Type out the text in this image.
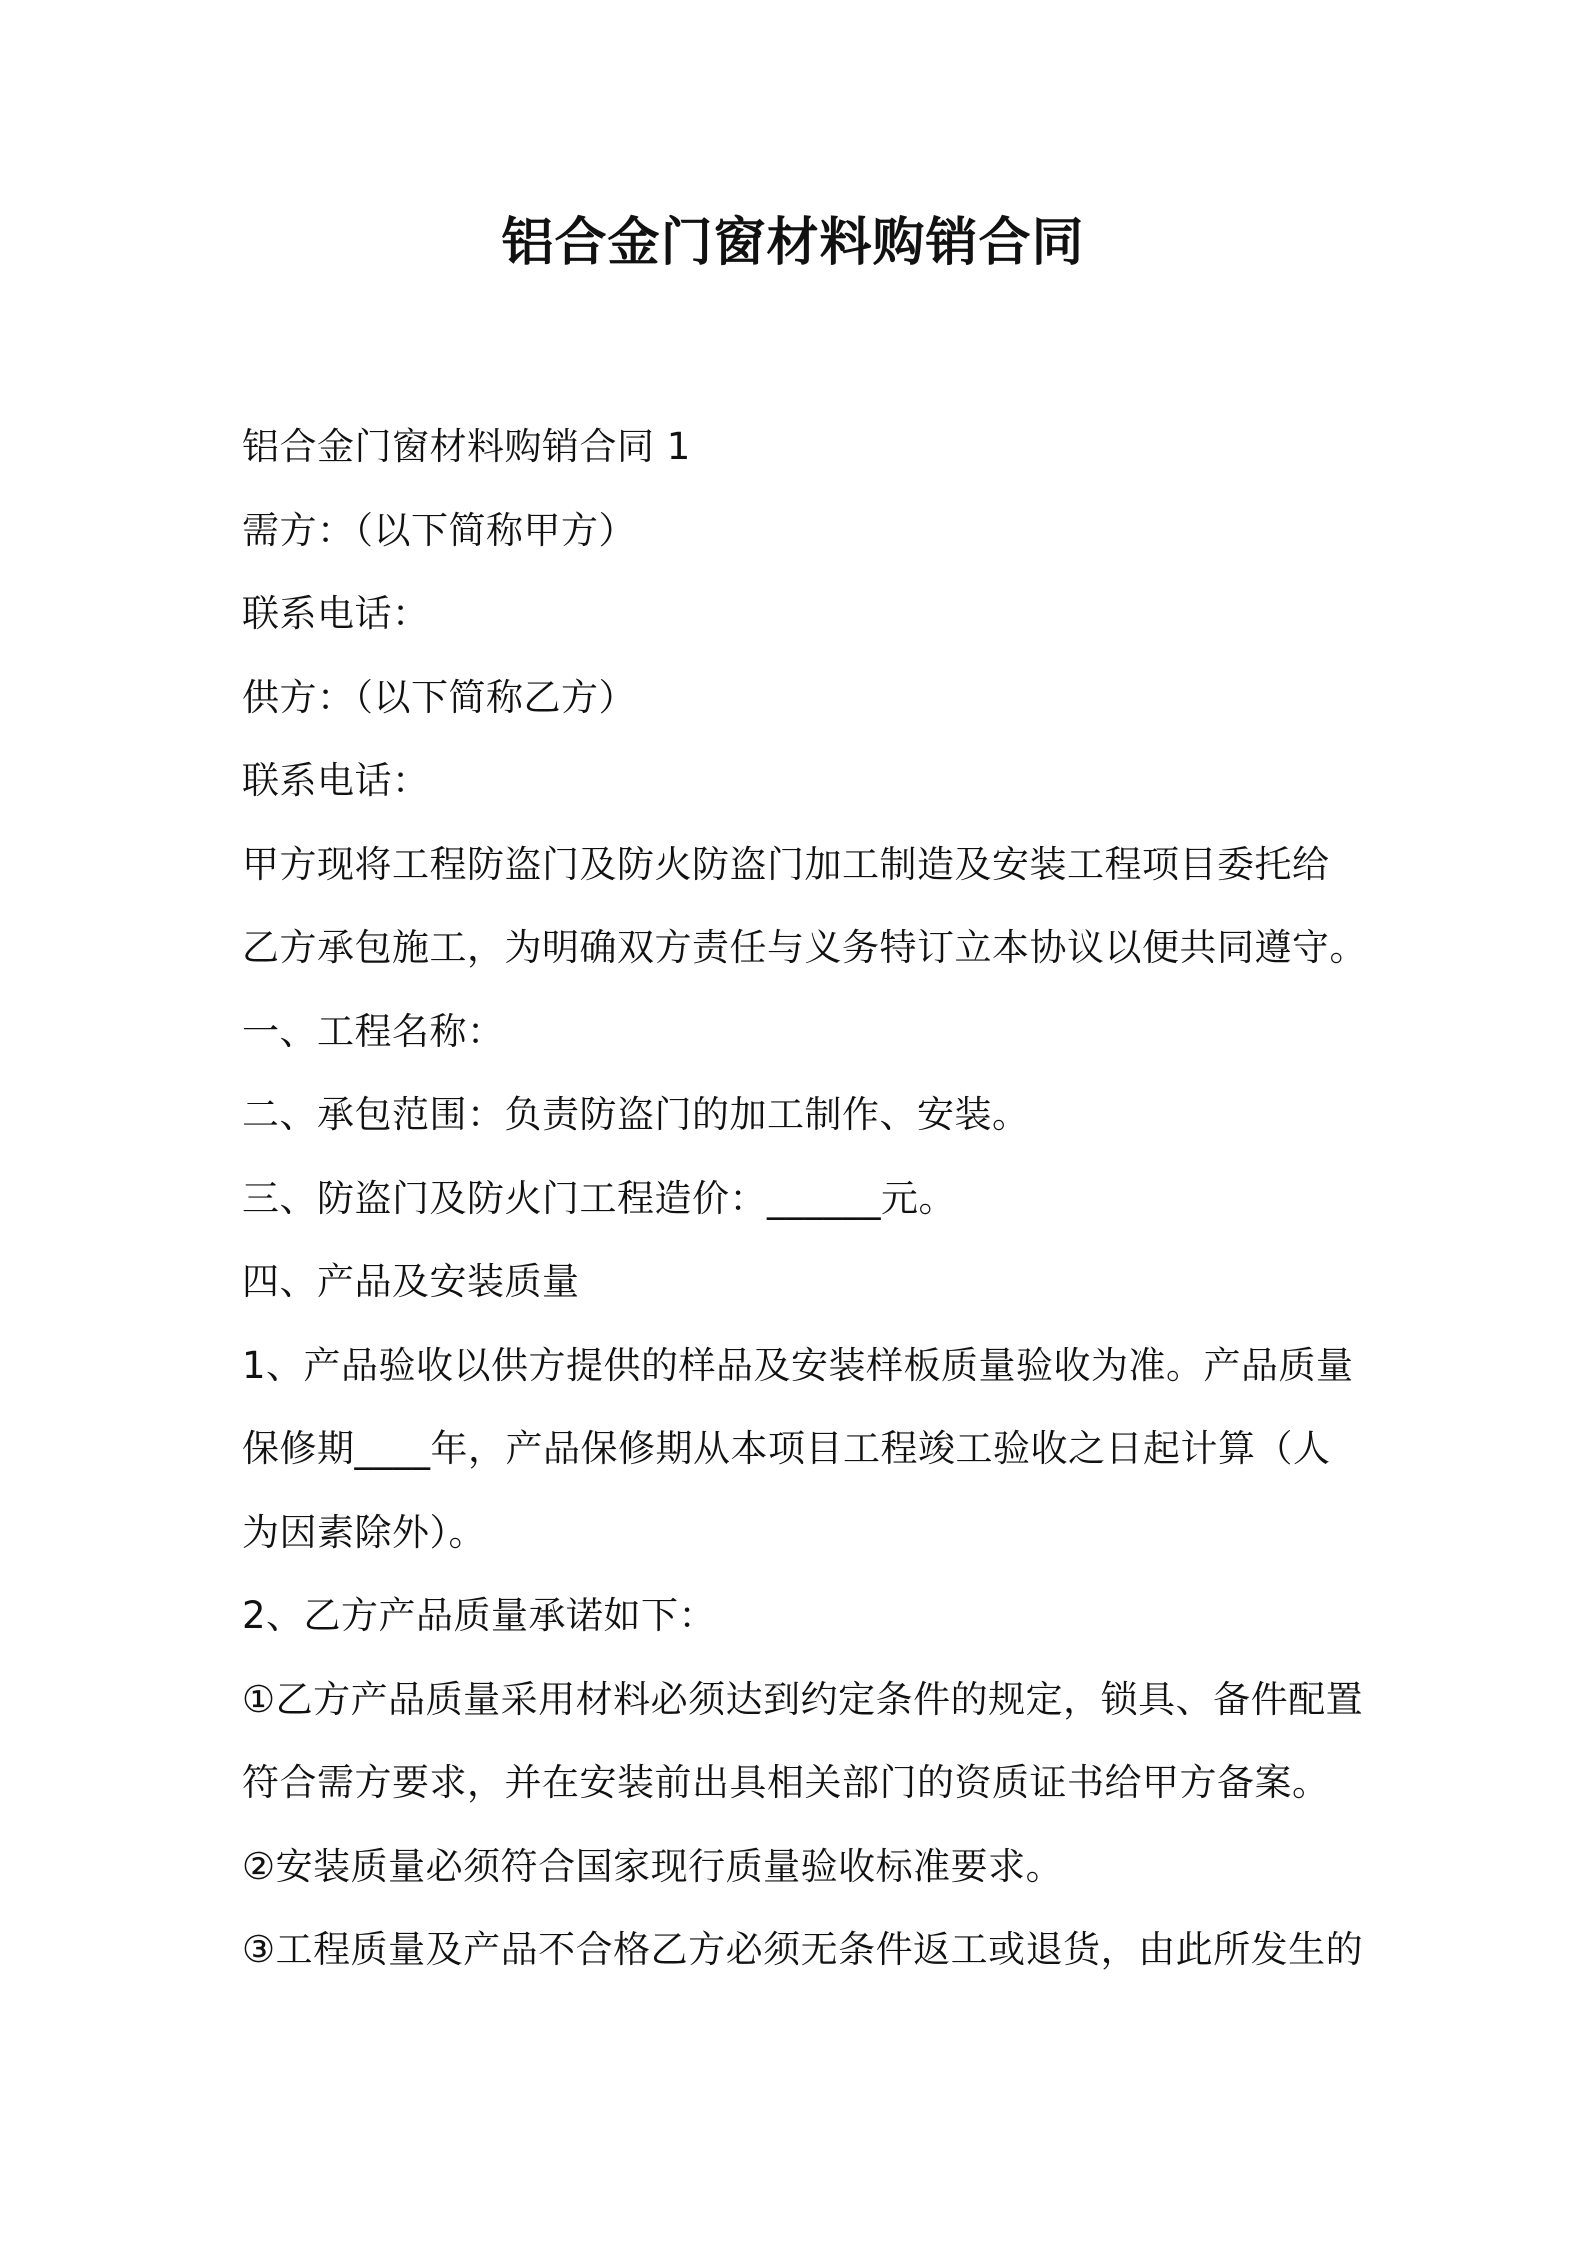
铝合金门窗材料购销合同
铝合金门窗材料购销合同 1
需方：（以下简称甲方）
联系电话：
供方：（以下简称乙方）
联系电话：
甲方现将工程防盗门及防火防盗门加工制造及安装工程项目委托给
乙方承包施工，为明确双方责任与义务特订立本协议以便共同遵守。
一、工程名称：
二、承包范围：负责防盗门的加工制作、安装。
三、防盗门及防火门工程造价：______元。
四、产品及安装质量
1、产品验收以供方提供的样品及安装样板质量验收为准。产品质量
保修期____年，产品保修期从本项目工程竣工验收之日起计算（人
为因素除外）。
2、乙方产品质量承诺如下：
①乙方产品质量采用材料必须达到约定条件的规定，锁具、备件配置
符合需方要求，并在安装前出具相关部门的资质证书给甲方备案。
②安装质量必须符合国家现行质量验收标准要求。
③工程质量及产品不合格乙方必须无条件返工或退货，由此所发生的
